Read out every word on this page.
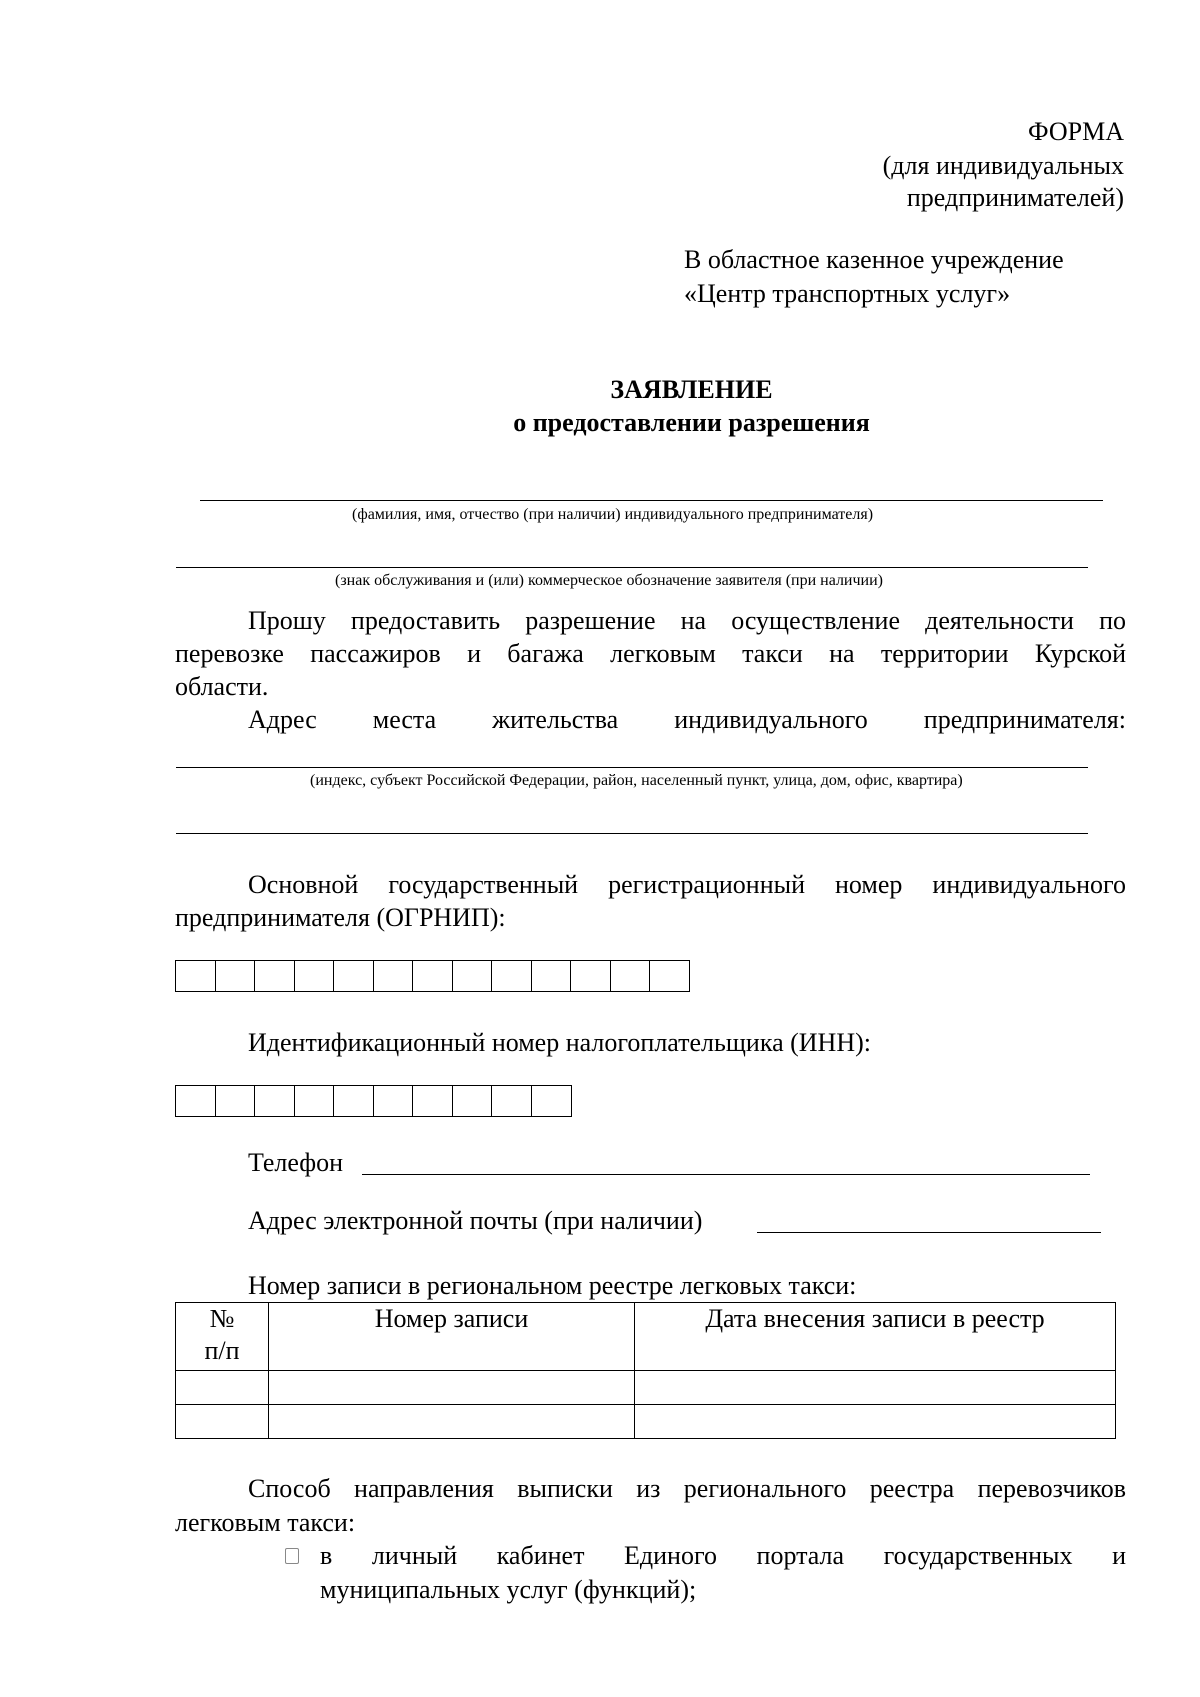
ФОРМА
(для индивидуальных
предпринимателей)
В областное казенное учреждение
«Центр транспортных услуг»
ЗАЯВЛЕНИЕ
о предоставлении разрешения
(фамилия, имя, отчество (при наличии) индивидуального предпринимателя)
(знак обслуживания и (или) коммерческое обозначение заявителя (при наличии)
Прошу предоставить разрешение на осуществление деятельности по
перевозке пассажиров и багажа легковым такси на территории Курской
области.
Адрес места жительства индивидуального предпринимателя:
(индекс, субъект Российской Федерации, район, населенный пункт, улица, дом, офис, квартира)
Основной государственный регистрационный номер индивидуального
предпринимателя (ОГРНИП):
Идентификационный номер налогоплательщика (ИНН):
Телефон
Адрес электронной почты (при наличии)
Номер записи в региональном реестре легковых такси:
№
п/п	Номер записи	Дата внесения записи в реестр

Способ направления выписки из регионального реестра перевозчиков
легковым такси:
в личный кабинет Единого портала государственных и
муниципальных услуг (функций);
